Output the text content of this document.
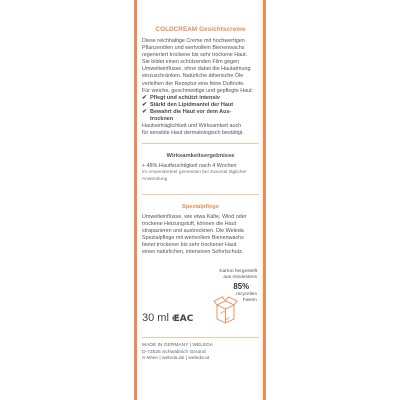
COLDCREAM Gesichtscreme

Diese reichhaltige Creme mit hochwertigen

Pflanzenölen und wertvollem Bienenwachs

regeneriert trockene bis sehr trockene Haut.

Sie bildet einen schützenden Film gegen

Umwelteinflüsse, ohne dabei die Hautatmung

einzuschränken. Natürliche ätherische Öle

verleihen der Rezeptur eine feine Duftnote.

Für weiche, geschmeidige und gepflegte Haut:

✔ Pflegt und schützt intensiv
✔ Stärkt den Lipidmantel der Haut
✔ Bewahrt die Haut vor dem Aus-
trocknen

Hautverträglichkeit und Wirksamkeit auch

für sensible Haut dermatologisch bestätigt.

Wirksamkeitsergebnisse

+ 48% Hautfeuchtigkeit nach 4 Wochen

im Anwendertest gemessen bei zweimal täglicher

Anwendung

Spezialpflege

Umwelteinflüsse, wie etwa Kälte, Wind oder

trockene Heizungsluft, können die Haut

strapazieren und austrocknen. Die Weleda

Spezialpflege mit wertvollem Bienenwachs

bietet trockener bis sehr trockener Haut

einen natürlichen, intensiven Sofortschutz.

Karton hergestellt
aus mindestens
85%
recycelten
Fasern
30 ml ℮
EAC
MADE IN GERMANY | WELEDA
D-73525 Schwäbisch Gmünd
A-Wien | weleda.de | weleda.at
